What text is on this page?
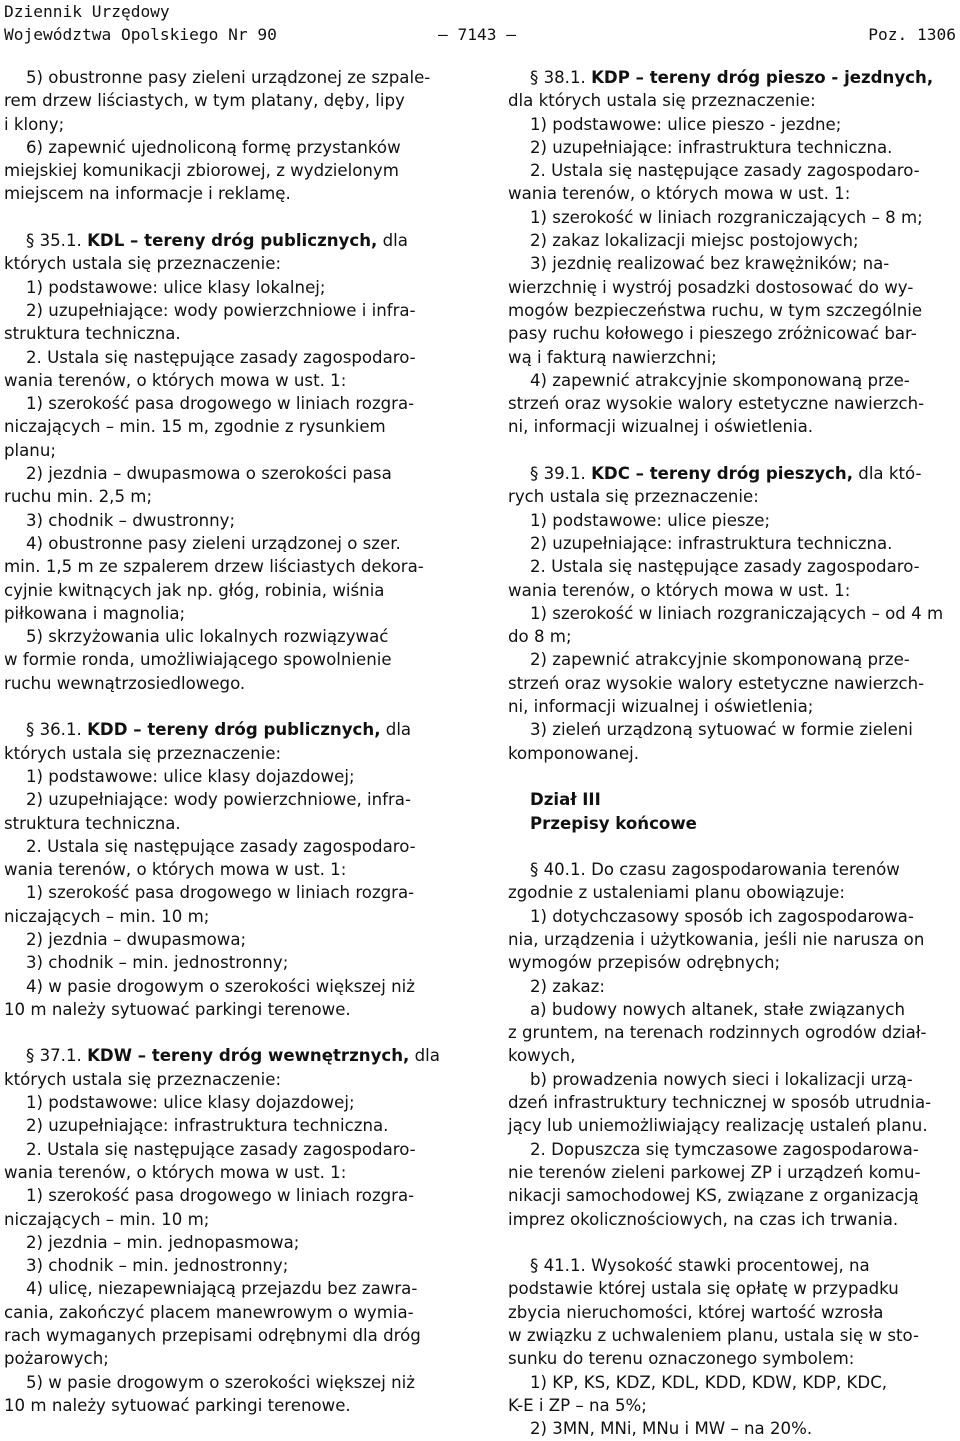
Dziennik Urzędowy
Województwa Opolskiego Nr 90	– 7143 –	Poz. 1306

5) obustronne pasy zieleni urządzonej ze szpale-
rem drzew liściastych, w tym platany, dęby, lipy
i klony;

6) zapewnić ujednoliconą formę przystanków
miejskiej komunikacji zbiorowej, z wydzielonym
miejscem na informacje i reklamę.

§ 35.1. KDL – tereny dróg publicznych, dla
których ustala się przeznaczenie:

1) podstawowe: ulice klasy lokalnej;

2) uzupełniające: wody powierzchniowe i infra-
struktura techniczna.

2. Ustala się następujące zasady zagospodaro-
wania terenów, o których mowa w ust. 1:

1) szerokość pasa drogowego w liniach rozgra-
niczających – min. 15 m, zgodnie z rysunkiem
planu;

2) jezdnia – dwupasmowa o szerokości pasa
ruchu min. 2,5 m;

3) chodnik – dwustronny;

4) obustronne pasy zieleni urządzonej o szer.
min. 1,5 m ze szpalerem drzew liściastych dekora-
cyjnie kwitnących jak np. głóg, robinia, wiśnia
piłkowana i magnolia;

5) skrzyżowania ulic lokalnych rozwiązywać
w formie ronda, umożliwiającego spowolnienie
ruchu wewnątrzosiedlowego.

§ 36.1. KDD – tereny dróg publicznych, dla
których ustala się przeznaczenie:

1) podstawowe: ulice klasy dojazdowej;

2) uzupełniające: wody powierzchniowe, infra-
struktura techniczna.

2. Ustala się następujące zasady zagospodaro-
wania terenów, o których mowa w ust. 1:

1) szerokość pasa drogowego w liniach rozgra-
niczających – min. 10 m;

2) jezdnia – dwupasmowa;

3) chodnik – min. jednostronny;

4) w pasie drogowym o szerokości większej niż
10 m należy sytuować parkingi terenowe.

§ 37.1. KDW – tereny dróg wewnętrznych, dla
których ustala się przeznaczenie:

1) podstawowe: ulice klasy dojazdowej;

2) uzupełniające: infrastruktura techniczna.

2. Ustala się następujące zasady zagospodaro-
wania terenów, o których mowa w ust. 1:

1) szerokość pasa drogowego w liniach rozgra-
niczających – min. 10 m;

2) jezdnia – min. jednopasmowa;

3) chodnik – min. jednostronny;

4) ulicę, niezapewniającą przejazdu bez zawra-
cania, zakończyć placem manewrowym o wymia-
rach wymaganych przepisami odrębnymi dla dróg
pożarowych;

5) w pasie drogowym o szerokości większej niż
10 m należy sytuować parkingi terenowe.

§ 38.1. KDP – tereny dróg pieszo - jezdnych,
dla których ustala się przeznaczenie:

1) podstawowe: ulice pieszo - jezdne;

2) uzupełniające: infrastruktura techniczna.

2. Ustala się następujące zasady zagospodaro-
wania terenów, o których mowa w ust. 1:

1) szerokość w liniach rozgraniczających – 8 m;

2) zakaz lokalizacji miejsc postojowych;

3) jezdnię realizować bez krawężników; na-
wierzchnię i wystrój posadzki dostosować do wy-
mogów bezpieczeństwa ruchu, w tym szczególnie
pasy ruchu kołowego i pieszego zróżnicować bar-
wą i fakturą nawierzchni;

4) zapewnić atrakcyjnie skomponowaną prze-
strzeń oraz wysokie walory estetyczne nawierzch-
ni, informacji wizualnej i oświetlenia.

§ 39.1. KDC – tereny dróg pieszych, dla któ-
rych ustala się przeznaczenie:

1) podstawowe: ulice piesze;

2) uzupełniające: infrastruktura techniczna.

2. Ustala się następujące zasady zagospodaro-
wania terenów, o których mowa w ust. 1:

1) szerokość w liniach rozgraniczających – od 4 m
do 8 m;

2) zapewnić atrakcyjnie skomponowaną prze-
strzeń oraz wysokie walory estetyczne nawierzch-
ni, informacji wizualnej i oświetlenia;

3) zieleń urządzoną sytuować w formie zieleni
komponowanej.

Dział III

Przepisy końcowe

§ 40.1. Do czasu zagospodarowania terenów
zgodnie z ustaleniami planu obowiązuje:

1) dotychczasowy sposób ich zagospodarowa-
nia, urządzenia i użytkowania, jeśli nie narusza on
wymogów przepisów odrębnych;

2) zakaz:

a) budowy nowych altanek, stałe związanych
z gruntem, na terenach rodzinnych ogrodów dział-
kowych,

b) prowadzenia nowych sieci i lokalizacji urzą-
dzeń infrastruktury technicznej w sposób utrudnia-
jący lub uniemożliwiający realizację ustaleń planu.

2. Dopuszcza się tymczasowe zagospodarowa-
nie terenów zieleni parkowej ZP i urządzeń komu-
nikacji samochodowej KS, związane z organizacją
imprez okolicznościowych, na czas ich trwania.

§ 41.1. Wysokość stawki procentowej, na
podstawie której ustala się opłatę w przypadku
zbycia nieruchomości, której wartość wzrosła
w związku z uchwaleniem planu, ustala się w sto-
sunku do terenu oznaczonego symbolem:

1) KP, KS, KDZ, KDL, KDD, KDW, KDP, KDC,
K-E i ZP – na 5%;

2) 3MN, MNi, MNu i MW – na 20%.
